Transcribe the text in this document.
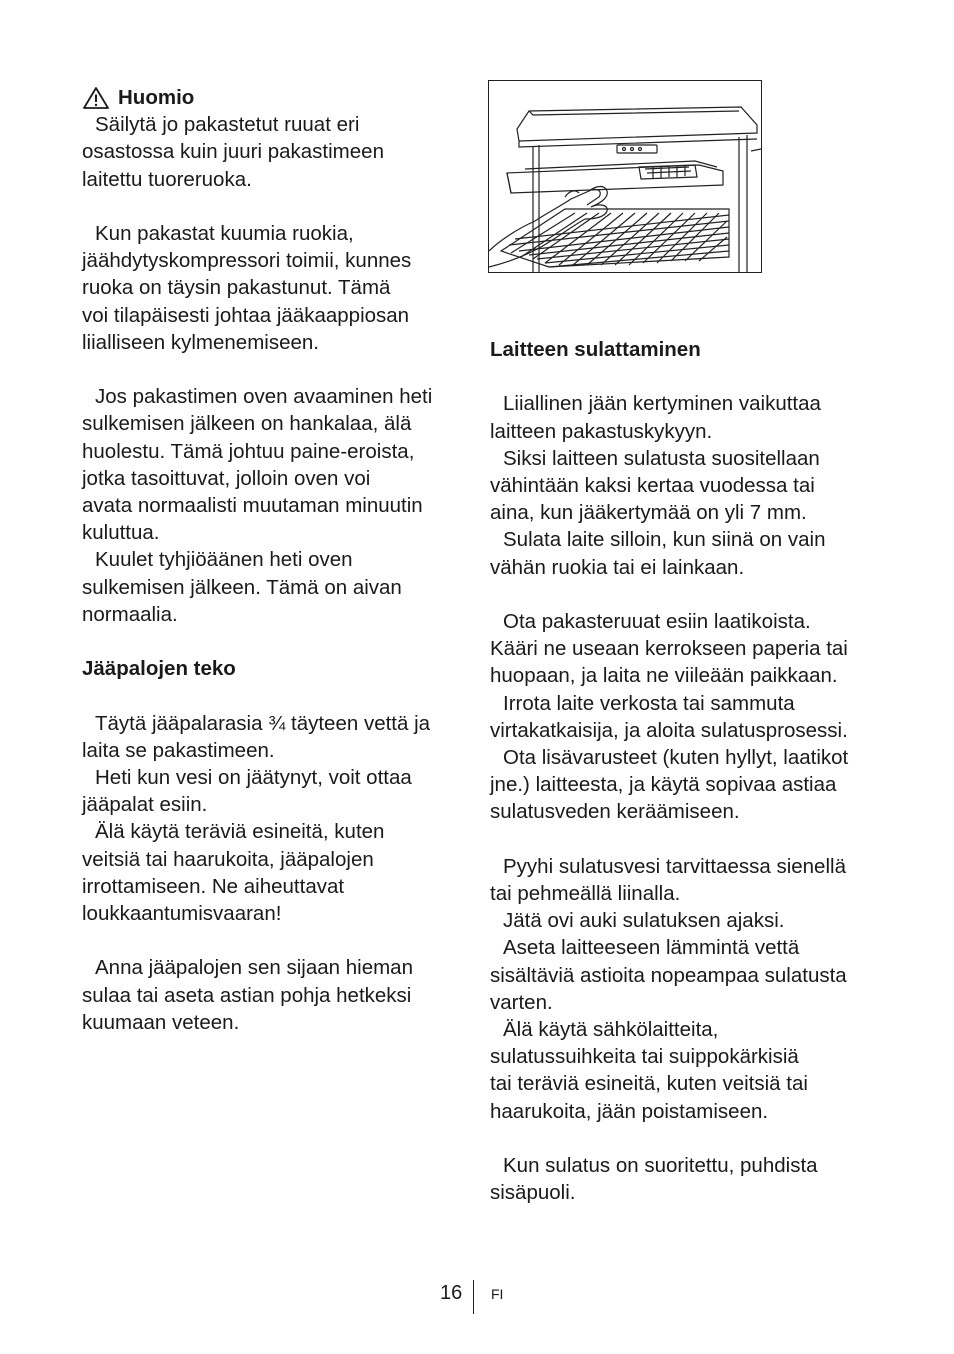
Huomio
Säilytä jo pakastetut ruuat eri
osastossa kuin juuri pakastimeen
laitettu tuoreruoka.
Kun pakastat kuumia ruokia,
jäähdytyskompressori toimii, kunnes
ruoka on täysin pakastunut. Tämä
voi tilapäisesti johtaa jääkaappiosan
liialliseen kylmenemiseen.
Jos pakastimen oven avaaminen heti
sulkemisen jälkeen on hankalaa, älä
huolestu. Tämä johtuu paine-eroista,
jotka tasoittuvat, jolloin oven voi
avata normaalisti muutaman minuutin
kuluttua.
Kuulet tyhjiöäänen heti oven
sulkemisen jälkeen. Tämä on aivan
normaalia.
Jääpalojen teko
Täytä jääpalarasia ¾ täyteen vettä ja
laita se pakastimeen.
Heti kun vesi on jäätynyt, voit ottaa
jääpalat esiin.
Älä käytä teräviä esineitä, kuten
veitsiä tai haarukoita, jääpalojen
irrottamiseen. Ne aiheuttavat
loukkaantumisvaaran!
Anna jääpalojen sen sijaan hieman
sulaa tai aseta astian pohja hetkeksi
kuumaan veteen.
Laitteen sulattaminen
Liiallinen jään kertyminen vaikuttaa
laitteen pakastuskykyyn.
Siksi laitteen sulatusta suositellaan
vähintään kaksi kertaa vuodessa tai
aina, kun jääkertymää on yli 7 mm.
Sulata laite silloin, kun siinä on vain
vähän ruokia tai ei lainkaan.
Ota pakasteruuat esiin laatikoista.
Kääri ne useaan kerrokseen paperia tai
huopaan, ja laita ne viileään paikkaan.
Irrota laite verkosta tai sammuta
virtakatkaisija, ja aloita sulatusprosessi.
Ota lisävarusteet (kuten hyllyt, laatikot
jne.) laitteesta, ja käytä sopivaa astiaa
sulatusveden keräämiseen.
Pyyhi sulatusvesi tarvittaessa sienellä
tai pehmeällä liinalla.
Jätä ovi auki sulatuksen ajaksi.
Aseta laitteeseen lämmintä vettä
sisältäviä astioita nopeampaa sulatusta
varten.
Älä käytä sähkölaitteita,
sulatussuihkeita tai suippokärkisiä
tai teräviä esineitä, kuten veitsiä tai
haarukoita, jään poistamiseen.
Kun sulatus on suoritettu, puhdista
sisäpuoli.
16 FI
